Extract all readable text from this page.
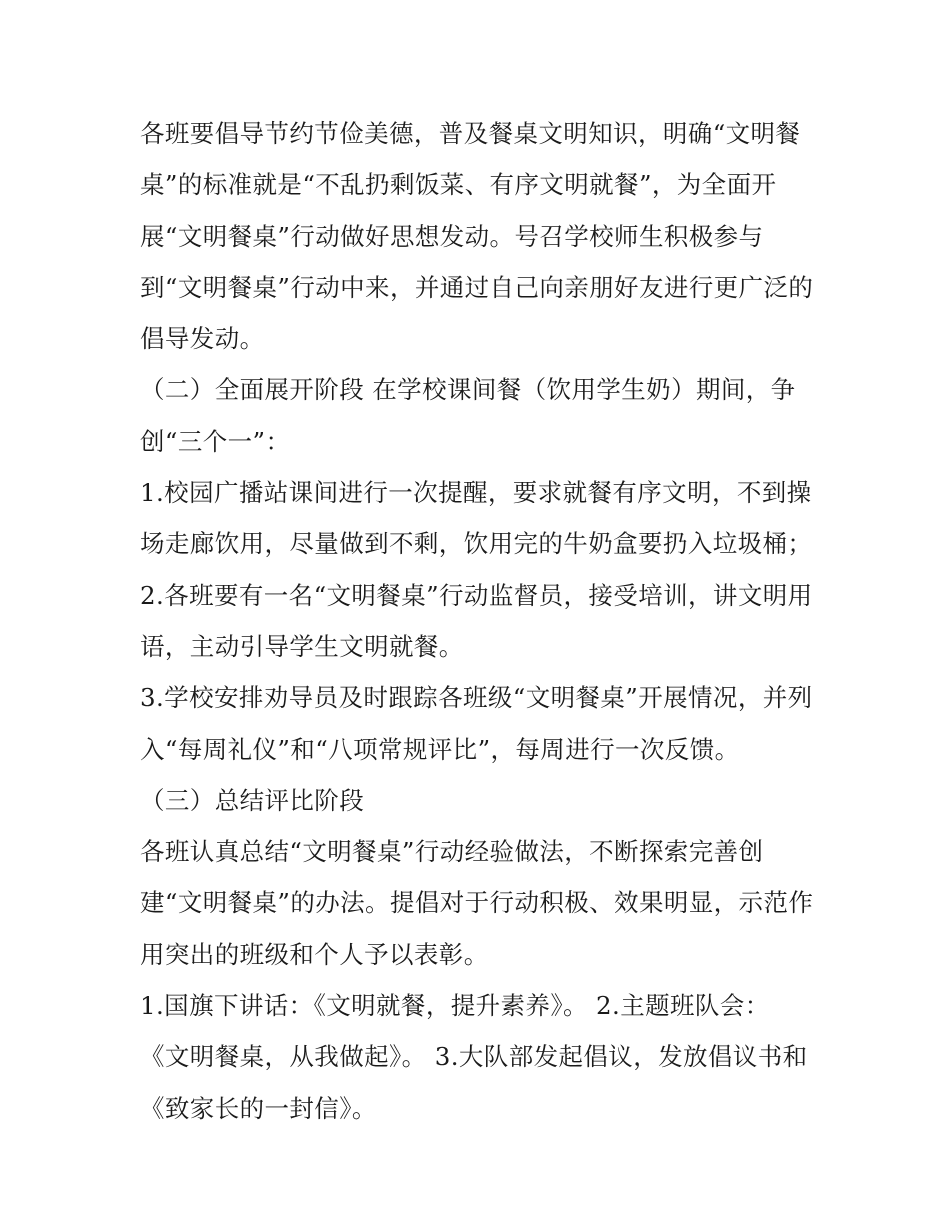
各班要倡导节约节俭美德，普及餐桌文明知识，明确“文明餐
桌”的标准就是“不乱扔剩饭菜、有序文明就餐”，为全面开
展“文明餐桌”行动做好思想发动。号召学校师生积极参与
到“文明餐桌”行动中来，并通过自己向亲朋好友进行更广泛的
倡导发动。
（二）全面展开阶段 在学校课间餐（饮用学生奶）期间，争
创“三个一”：
1.校园广播站课间进行一次提醒，要求就餐有序文明，不到操
场走廊饮用，尽量做到不剩，饮用完的牛奶盒要扔入垃圾桶；
2.各班要有一名“文明餐桌”行动监督员，接受培训，讲文明用
语，主动引导学生文明就餐。
3.学校安排劝导员及时跟踪各班级“文明餐桌”开展情况，并列
入“每周礼仪”和“八项常规评比”，每周进行一次反馈。
（三）总结评比阶段
各班认真总结“文明餐桌”行动经验做法，不断探索完善创
建“文明餐桌”的办法。提倡对于行动积极、效果明显，示范作
用突出的班级和个人予以表彰。
1.国旗下讲话：《文明就餐，提升素养》。 2.主题班队会：
《文明餐桌，从我做起》。 3.大队部发起倡议，发放倡议书和
《致家长的一封信》。
